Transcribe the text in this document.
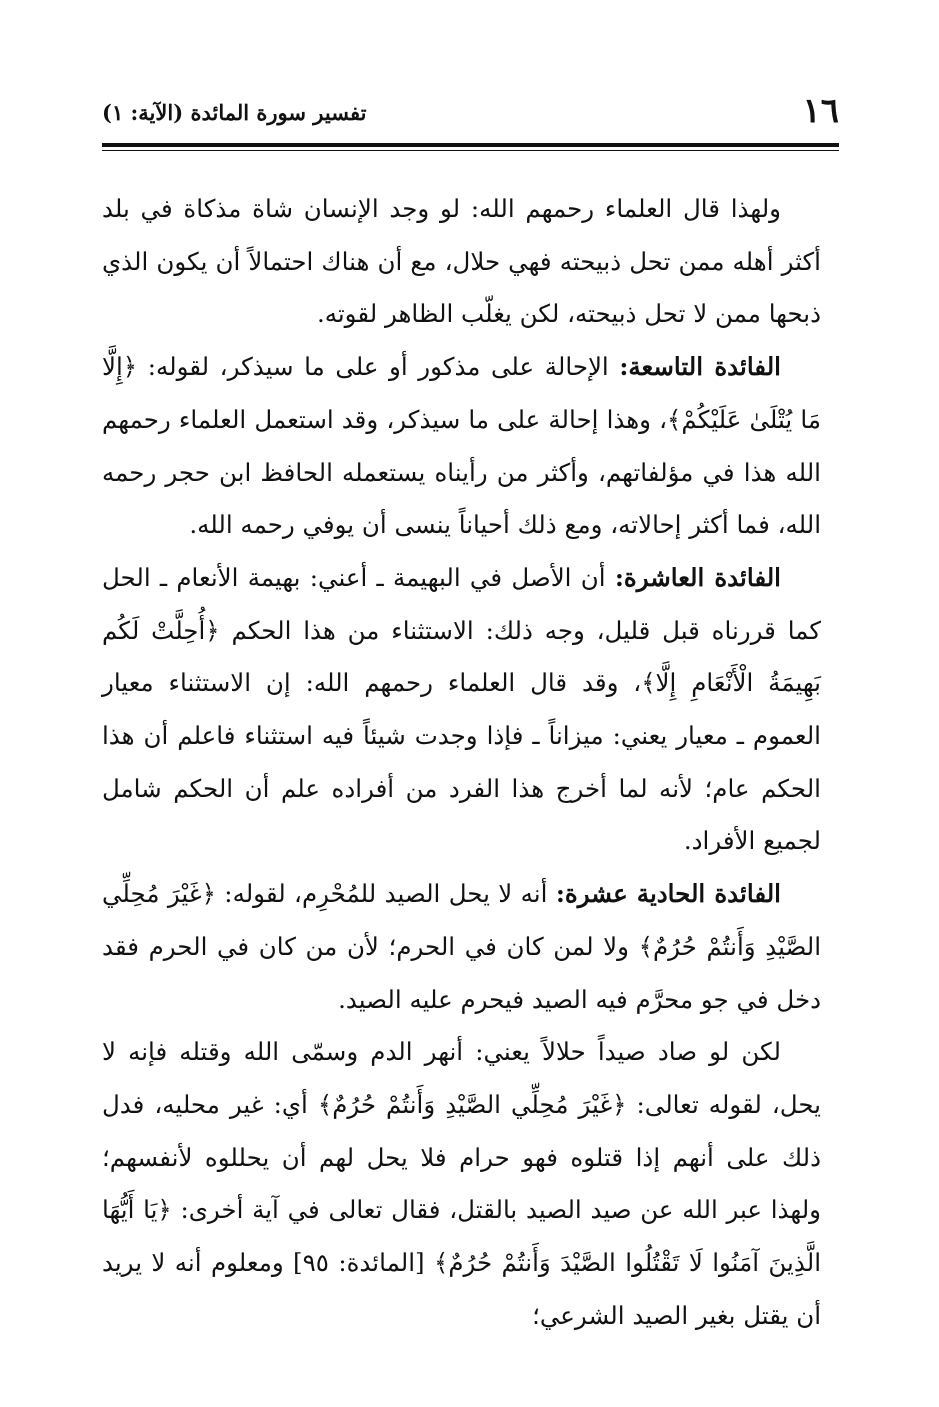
١٦
تفسير سورة المائدة (الآية: ١)

ولهذا قال العلماء رحمهم الله: لو وجد الإنسان شاة مذكاة في بلد أكثر أهله ممن تحل ذبيحته فهي حلال، مع أن هناك احتمالاً أن يكون الذي ذبحها ممن لا تحل ذبيحته، لكن يغلّب الظاهر لقوته.

الفائدة التاسعة: الإحالة على مذكور أو على ما سيذكر، لقوله: ﴿إِلَّا مَا يُتْلَىٰ عَلَيْكُمْ﴾، وهذا إحالة على ما سيذكر، وقد استعمل العلماء رحمهم الله هذا في مؤلفاتهم، وأكثر من رأيناه يستعمله الحافظ ابن حجر رحمه الله، فما أكثر إحالاته، ومع ذلك أحياناً ينسى أن يوفي رحمه الله.

الفائدة العاشرة: أن الأصل في البهيمة ـ أعني: بهيمة الأنعام ـ الحل كما قررناه قبل قليل، وجه ذلك: الاستثناء من هذا الحكم ﴿أُحِلَّتْ لَكُم بَهِيمَةُ الْأَنْعَامِ إِلَّا﴾، وقد قال العلماء رحمهم الله: إن الاستثناء معيار العموم ـ معيار يعني: ميزاناً ـ فإذا وجدت شيئاً فيه استثناء فاعلم أن هذا الحكم عام؛ لأنه لما أخرج هذا الفرد من أفراده علم أن الحكم شامل لجميع الأفراد.

الفائدة الحادية عشرة: أنه لا يحل الصيد للمُحْرِم، لقوله: ﴿غَيْرَ مُحِلِّي الصَّيْدِ وَأَنتُمْ حُرُمٌ﴾ ولا لمن كان في الحرم؛ لأن من كان في الحرم فقد دخل في جو محرَّم فيه الصيد فيحرم عليه الصيد.

لكن لو صاد صيداً حلالاً يعني: أنهر الدم وسمّى الله وقتله فإنه لا يحل، لقوله تعالى: ﴿غَيْرَ مُحِلِّي الصَّيْدِ وَأَنتُمْ حُرُمٌ﴾ أي: غير محليه، فدل ذلك على أنهم إذا قتلوه فهو حرام فلا يحل لهم أن يحللوه لأنفسهم؛ ولهذا عبر الله عن صيد الصيد بالقتل، فقال تعالى في آية أخرى: ﴿يَا أَيُّهَا الَّذِينَ آمَنُوا لَا تَقْتُلُوا الصَّيْدَ وَأَنتُمْ حُرُمٌ﴾ [المائدة: ٩٥] ومعلوم أنه لا يريد أن يقتل بغير الصيد الشرعي؛
